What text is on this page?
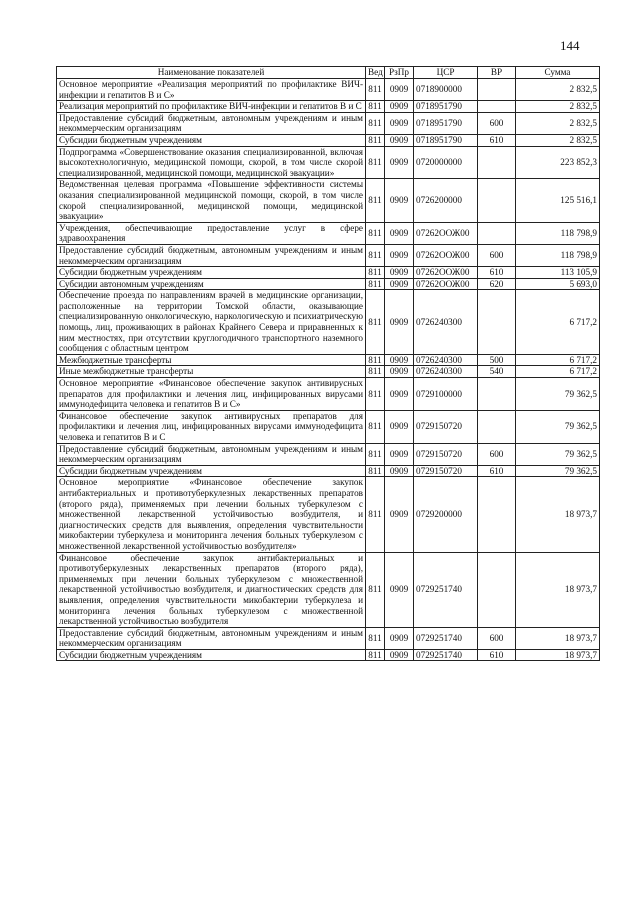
144
Наименование показателей	Вед	РзПр	ЦСР	ВР	Сумма
Основное мероприятие «Реализация мероприятий по профилактике ВИЧ-инфекции и гепатитов В и С»	811	0909	0718900000		2 832,5
Реализация мероприятий по профилактике ВИЧ-инфекции и гепатитов В и С	811	0909	0718951790		2 832,5
Предоставление субсидий бюджетным, автономным учреждениям и иным некоммерческим организациям	811	0909	0718951790	600	2 832,5
Субсидии бюджетным учреждениям	811	0909	0718951790	610	2 832,5
Подпрограмма «Совершенствование оказания специализированной, включая высокотехнологичную, медицинской помощи, скорой, в том числе скорой специализированной, медицинской помощи, медицинской эвакуации»	811	0909	0720000000		223 852,3
Ведомственная целевая программа «Повышение эффективности системы оказания специализированной медицинской помощи, скорой, в том числе скорой специализированной, медицинской помощи, медицинской эвакуации»	811	0909	0726200000		125 516,1
Учреждения, обеспечивающие предоставление услуг в сфере здравоохранения	811	0909	07262ООЖ00		118 798,9
Предоставление субсидий бюджетным, автономным учреждениям и иным некоммерческим организациям	811	0909	07262ООЖ00	600	118 798,9
Субсидии бюджетным учреждениям	811	0909	07262ООЖ00	610	113 105,9
Субсидии автономным учреждениям	811	0909	07262ООЖ00	620	5 693,0
Обеспечение проезда по направлениям врачей в медицинские организации, расположенные на территории Томской области, оказывающие специализированную онкологическую, наркологическую и психиатрическую помощь, лиц, проживающих в районах Крайнего Севера и приравненных к ним местностях, при отсутствии круглогодичного транспортного наземного сообщения с областным центром	811	0909	0726240300		6 717,2
Межбюджетные трансферты	811	0909	0726240300	500	6 717,2
Иные межбюджетные трансферты	811	0909	0726240300	540	6 717,2
Основное мероприятие «Финансовое обеспечение закупок антивирусных препаратов для профилактики и лечения лиц, инфицированных вирусами иммунодефицита человека и гепатитов В и С»	811	0909	0729100000		79 362,5
Финансовое обеспечение закупок антивирусных препаратов для профилактики и лечения лиц, инфицированных вирусами иммунодефицита человека и гепатитов В и С	811	0909	0729150720		79 362,5
Предоставление субсидий бюджетным, автономным учреждениям и иным некоммерческим организациям	811	0909	0729150720	600	79 362,5
Субсидии бюджетным учреждениям	811	0909	0729150720	610	79 362,5
Основное мероприятие «Финансовое обеспечение закупок антибактериальных и противотуберкулезных лекарственных препаратов (второго ряда), применяемых при лечении больных туберкулезом с множественной лекарственной устойчивостью возбудителя, и диагностических средств для выявления, определения чувствительности микобактерии туберкулеза и мониторинга лечения больных туберкулезом с множественной лекарственной устойчивостью возбудителя»	811	0909	0729200000		18 973,7
Финансовое обеспечение закупок антибактериальных и противотуберкулезных лекарственных препаратов (второго ряда), применяемых при лечении больных туберкулезом с множественной лекарственной устойчивостью возбудителя, и диагностических средств для выявления, определения чувствительности микобактерии туберкулеза и мониторинга лечения больных туберкулезом с множественной лекарственной устойчивостью возбудителя	811	0909	0729251740		18 973,7
Предоставление субсидий бюджетным, автономным учреждениям и иным некоммерческим организациям	811	0909	0729251740	600	18 973,7
Субсидии бюджетным учреждениям	811	0909	0729251740	610	18 973,7
